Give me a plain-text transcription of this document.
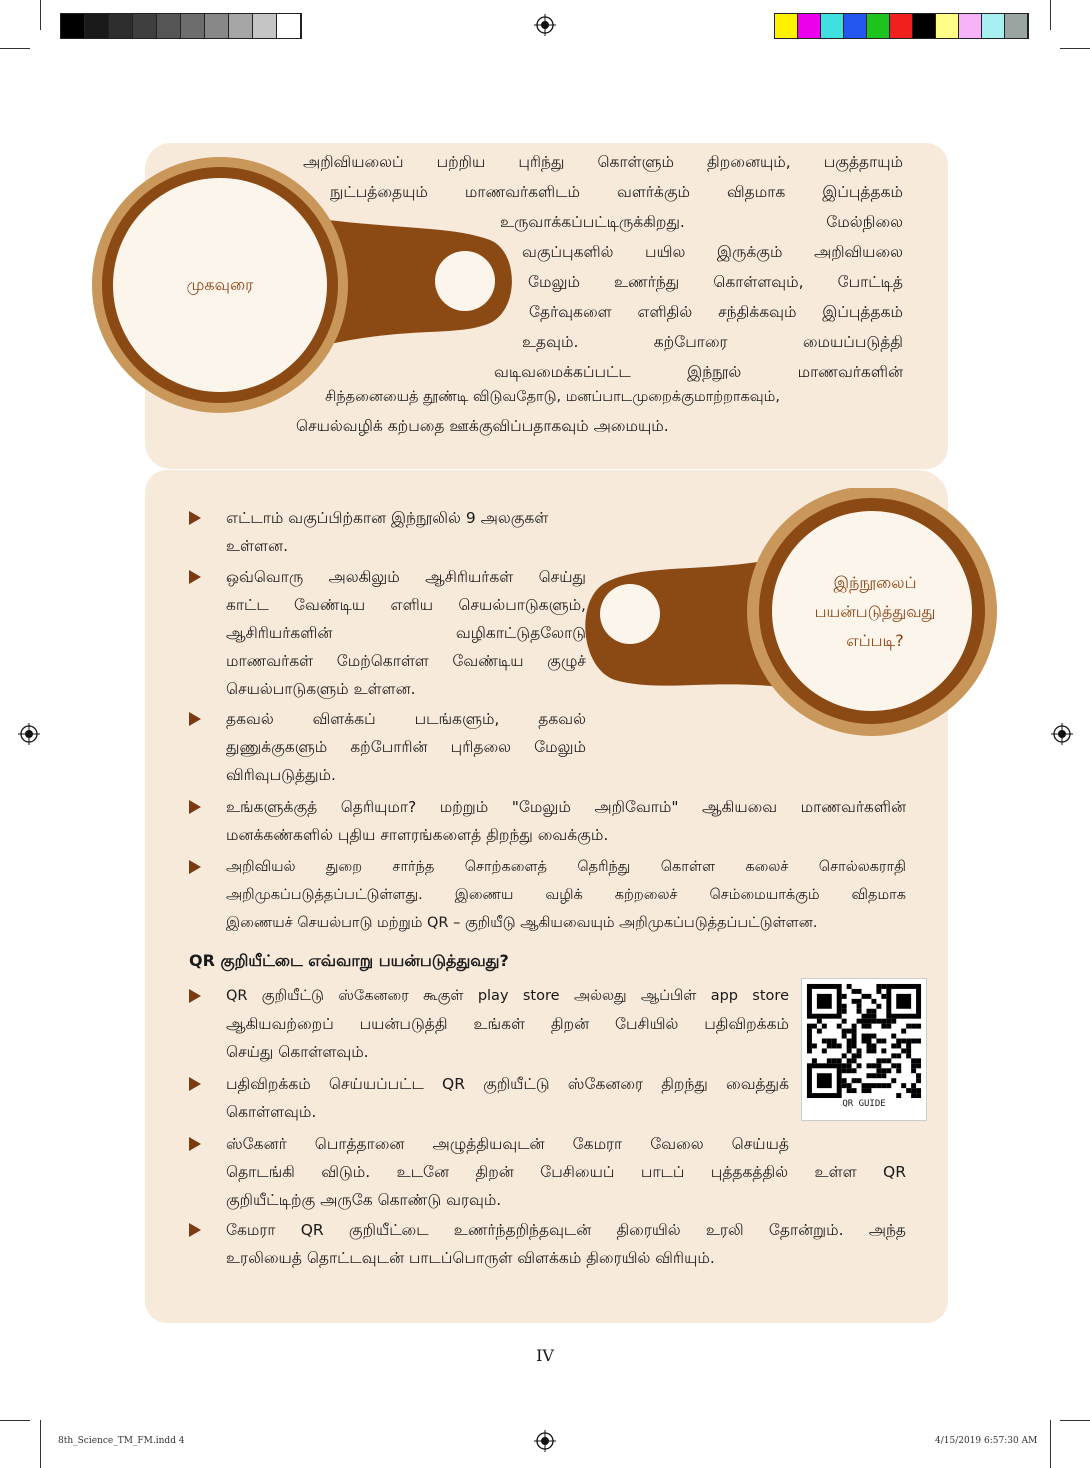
முகவுரை
அறிவியலைப் பற்றிய புரிந்து கொள்ளும் திறனையும், பகுத்தாயும்
நுட்பத்தையும் மாணவர்களிடம் வளர்க்கும் விதமாக இப்புத்தகம்
உருவாக்கப்பட்டிருக்கிறது. மேல்நிலை
வகுப்புகளில் பயில இருக்கும் அறிவியலை
மேலும் உணர்ந்து கொள்ளவும், போட்டித்
தேர்வுகளை எளிதில் சந்திக்கவும் இப்புத்தகம்
உதவும். கற்போரை மையப்படுத்தி
வடிவமைக்கப்பட்ட இந்நூல் மாணவர்களின்
சிந்தனையைத் தூண்டி விடுவதோடு, மனப்பாடமுறைக்குமாற்றாகவும்,
செயல்வழிக் கற்பதை ஊக்குவிப்பதாகவும் அமையும்.
இந்நூலைப்
பயன்படுத்துவது
எப்படி?
எட்டாம் வகுப்பிற்கான இந்நூலில் 9 அலகுகள்
உள்ளன.
ஒவ்வொரு அலகிலும் ஆசிரியர்கள் செய்து
காட்ட வேண்டிய எளிய செயல்பாடுகளும்,
ஆசிரியர்களின் வழிகாட்டுதலோடு
மாணவர்கள் மேற்கொள்ள வேண்டிய குழுச்
செயல்பாடுகளும் உள்ளன.
தகவல் விளக்கப் படங்களும், தகவல்
துணுக்குகளும் கற்போரின் புரிதலை மேலும்
விரிவுபடுத்தும்.
உங்களுக்குத் தெரியுமா? மற்றும் "மேலும் அறிவோம்" ஆகியவை மாணவர்களின்
மனக்கண்களில் புதிய சாளரங்களைத் திறந்து வைக்கும்.
அறிவியல் துறை சார்ந்த சொற்களைத் தெரிந்து கொள்ள கலைச் சொல்லகராதி
அறிமுகப்படுத்தப்பட்டுள்ளது. இணைய வழிக் கற்றலைச் செம்மையாக்கும் விதமாக
இணையச் செயல்பாடு மற்றும் QR – குறியீடு ஆகியவையும் அறிமுகப்படுத்தப்பட்டுள்ளன.
QR குறியீட்டை எவ்வாறு பயன்படுத்துவது?
QR GUIDE
QR குறியீட்டு ஸ்கேனரை கூகுள் play store அல்லது ஆப்பிள் app store
ஆகியவற்றைப் பயன்படுத்தி உங்கள் திறன் பேசியில் பதிவிறக்கம்
செய்து கொள்ளவும்.
பதிவிறக்கம் செய்யப்பட்ட QR குறியீட்டு ஸ்கேனரை திறந்து வைத்துக்
கொள்ளவும்.
ஸ்கேனர் பொத்தானை அழுத்தியவுடன் கேமரா வேலை செய்யத்
தொடங்கி விடும். உடனே திறன் பேசியைப் பாடப் புத்தகத்தில் உள்ள QR
குறியீட்டிற்கு அருகே கொண்டு வரவும்.
கேமரா QR குறியீட்டை உணர்ந்தறிந்தவுடன் திரையில் உரலி தோன்றும். அந்த
உரலியைத் தொட்டவுடன் பாடப்பொருள் விளக்கம் திரையில் விரியும்.
IV
8th_Science_TM_FM.indd 4	4/15/2019 6:57:30 AM
